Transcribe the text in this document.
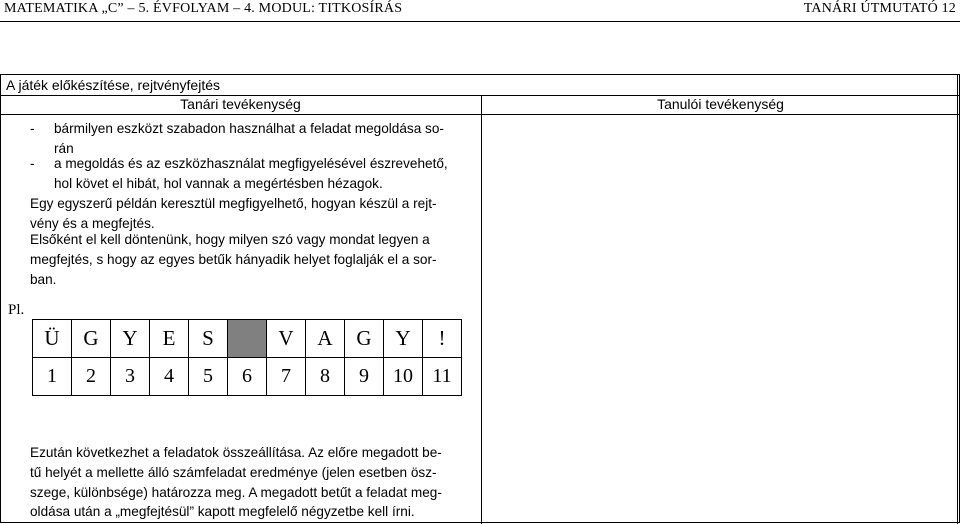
MATEMATIKA „C” – 5. ÉVFOLYAM – 4. MODUL: TITKOSÍRÁS	TANÁRI ÚTMUTATÓ 12
A játék előkészítése, rejtvényfejtés
Tanári tevékenység	Tanulói tevékenység
- bármilyen eszközt szabadon használhat a feladat megoldása so-
rán
- a megoldás és az eszközhasználat megfigyelésével észrevehető,
hol követ el hibát, hol vannak a megértésben hézagok.
Egy egyszerű példán keresztül megfigyelhető, hogyan készül a rejt-
vény és a megfejtés.
Elsőként el kell döntenünk, hogy milyen szó vagy mondat legyen a
megfejtés, s hogy az egyes betűk hányadik helyet foglalják el a sor-
ban.
Pl.
Ü	G	Y	E	S		V	A	G	Y	!
1	2	3	4	5	6	7	8	9	10	11
Ezután következhet a feladatok összeállítása. Az előre megadott be-
tű helyét a mellette álló számfeladat eredménye (jelen esetben ösz-
szege, különbsége) határozza meg. A megadott betűt a feladat meg-
oldása után a „megfejtésül” kapott megfelelő négyzetbe kell írni.
